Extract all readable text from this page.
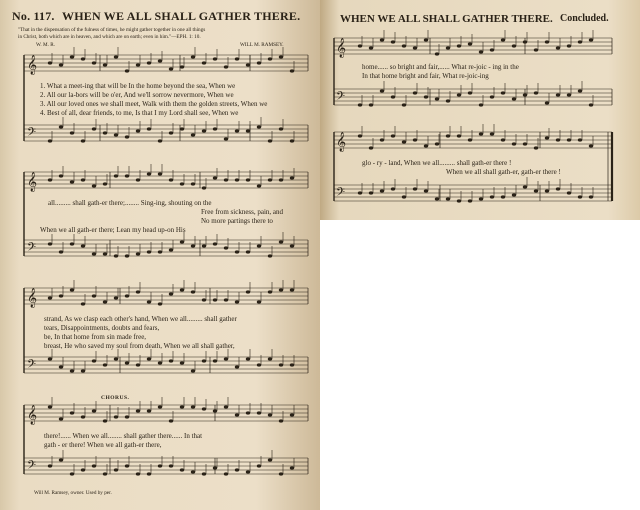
No. 117. WHEN WE ALL SHALL GATHER THERE.
"That in the dispensation of the fulness of times, he might gather together in one all things
in Christ, both which are in heaven, and which are on earth; even in him."—EPH. 1: 10.
W. M. R.	WILL M. RAMSEY.
𝄞
𝄢
𝄞
𝄢
𝄞
𝄢
𝄞
𝄢
1. What a meet-ing that will be In the home beyond the sea, When we
2. All our la-bors will be o'er, And we'll sorrow nevermore, When we
3. All our loved ones we shall meet, Walk with them the golden streets, When we
4. Best of all, dear friends, to me, Is that I my Lord shall see, When we
all......... shall gath-er there;........ Sing-ing, shouting on the
Free from sickness, pain, and
No more partings there to
When we all gath-er there; Lean my head up-on His
strand, As we clasp each other's hand, When we all......... shall gather
tears, Disappointments, doubts and fears,
be, In that home from sin made free,
breast, He who saved my soul from death, When we all shall gather,
CHORUS.
there!...... When we all........ shall gather there...... In that
gath - er there! When we all gath-er there,
Will M. Ramsey, owner. Used by per.
WHEN WE ALL SHALL GATHER THERE. Concluded.
𝄞
𝄢
𝄞
𝄢
home...... so bright and fair,...... What re-joic - ing in the
In that home bright and fair, What re-joic-ing
glo - ry - land, When we all......... shall gath-er there !
When we all shall gath-er, gath-er there !
